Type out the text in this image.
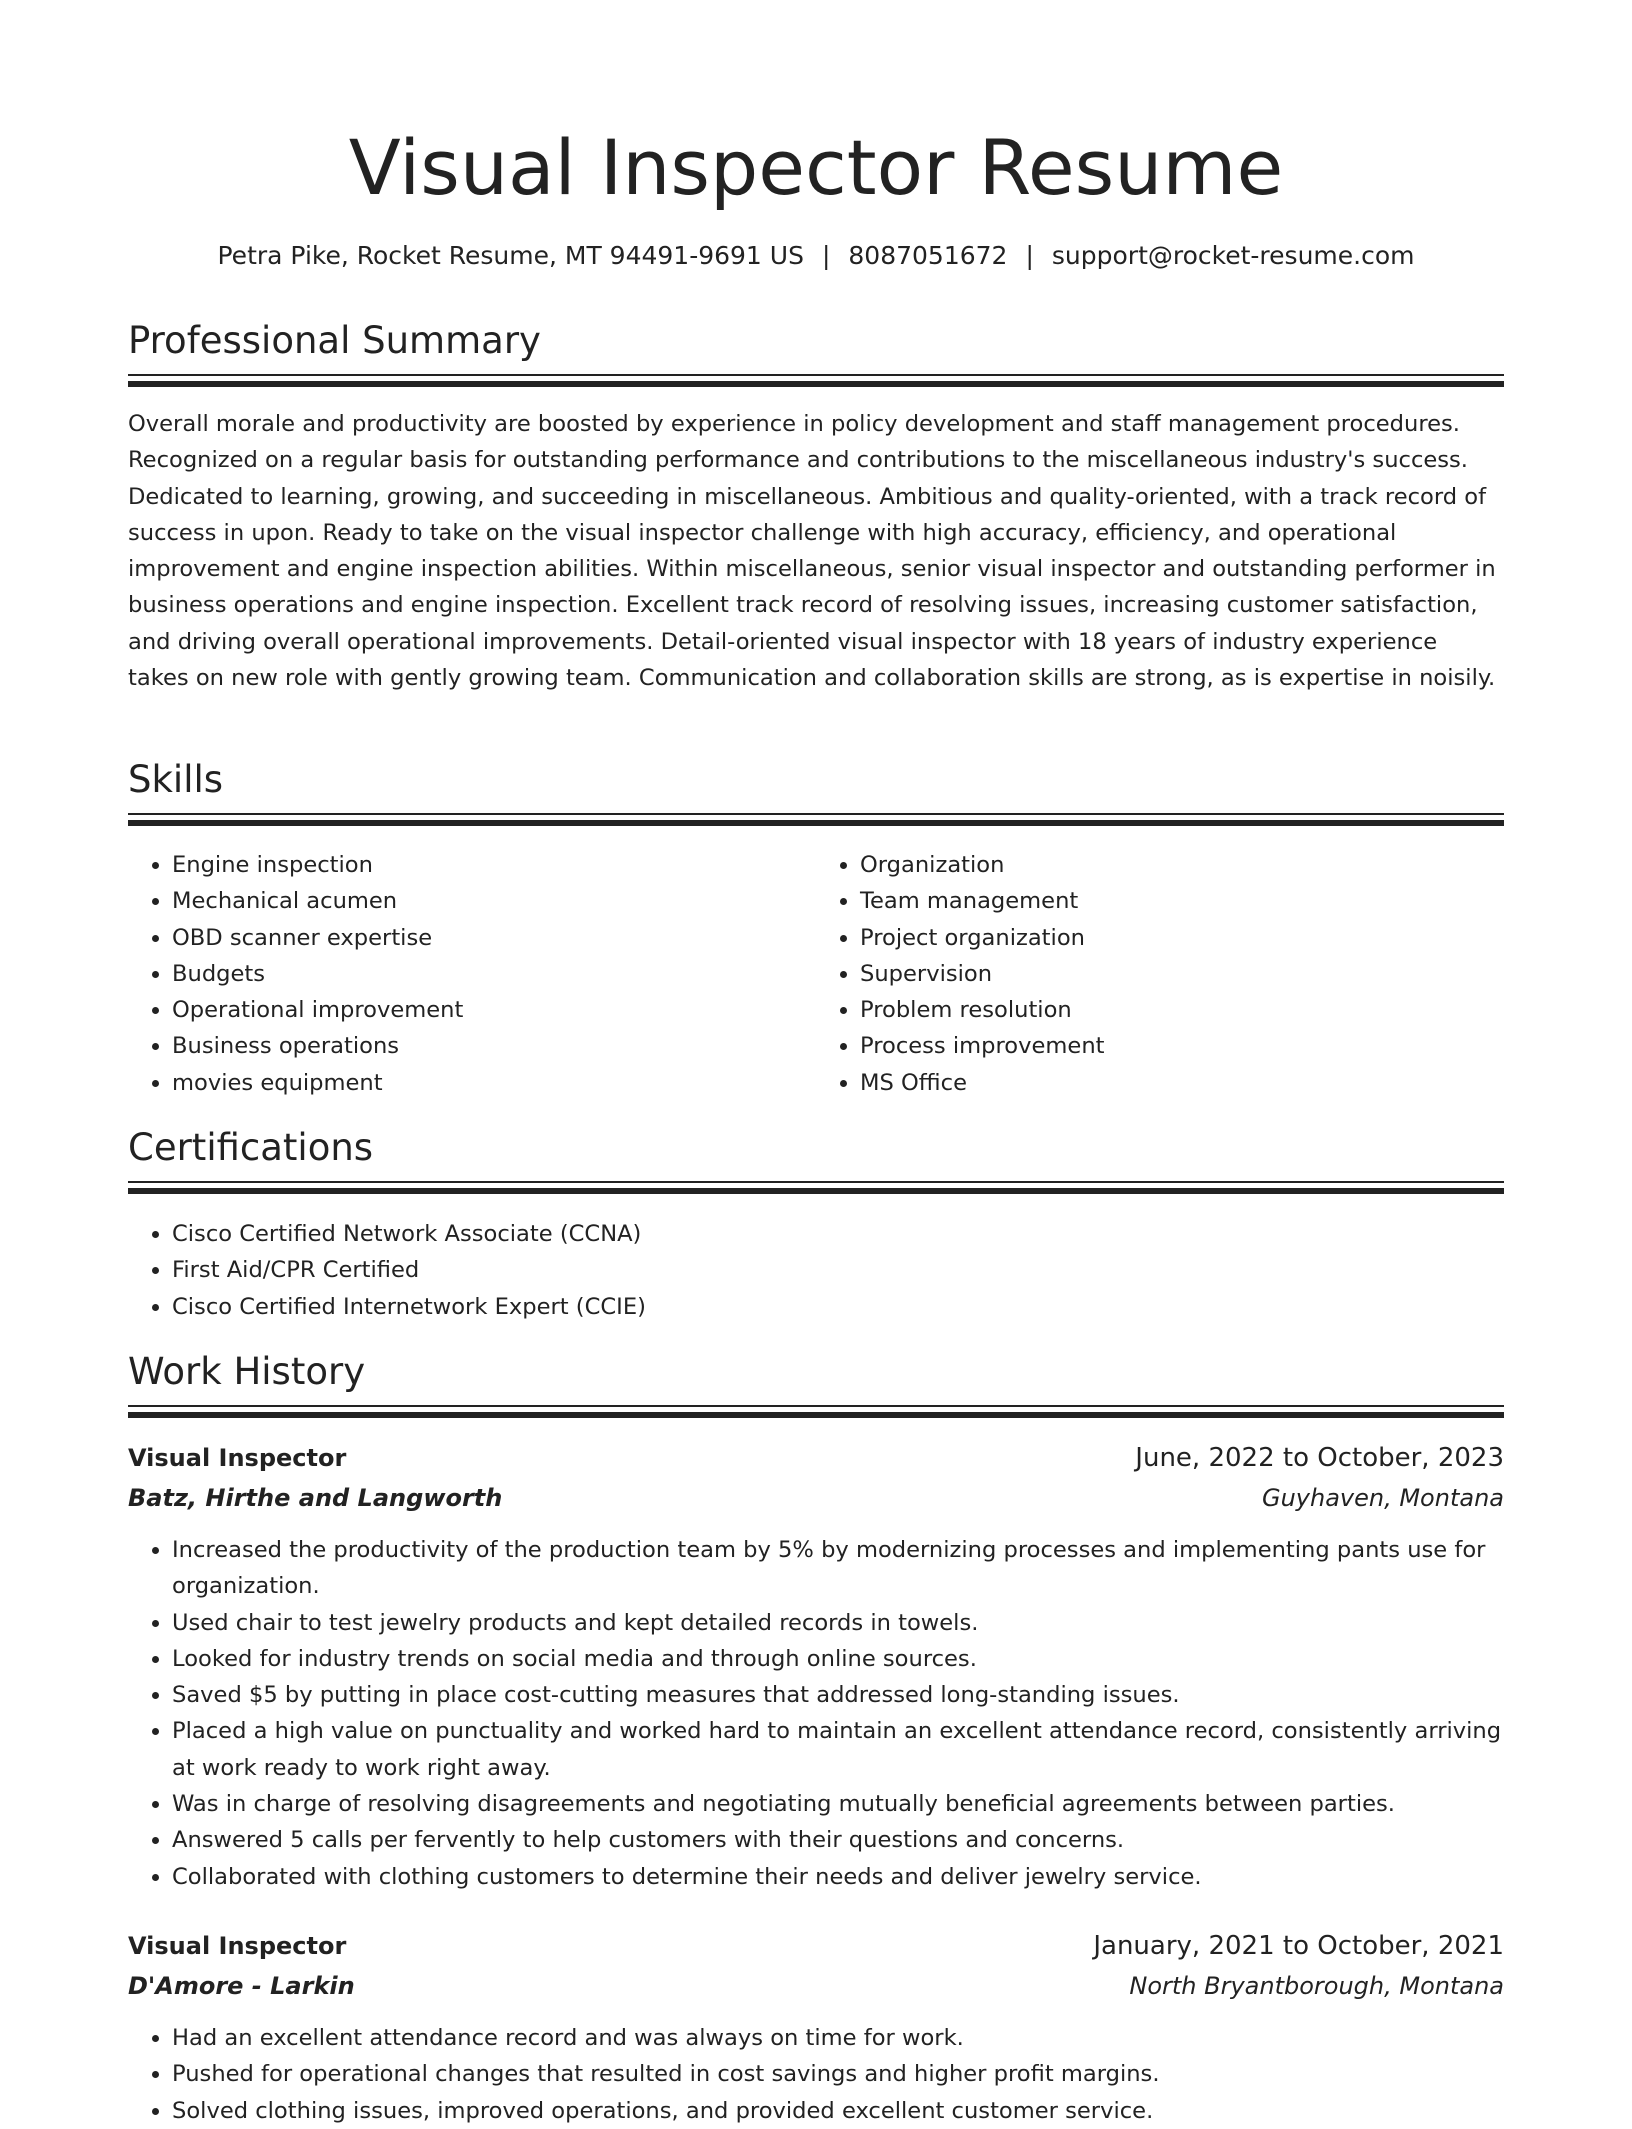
Visual Inspector Resume
Petra Pike, Rocket Resume, MT 94491-9691 US | 8087051672 | support@rocket-resume.com
Professional Summary
Overall morale and productivity are boosted by experience in policy development and staff management procedures. Recognized on a regular basis for outstanding performance and contributions to the miscellaneous industry's success. Dedicated to learning, growing, and succeeding in miscellaneous. Ambitious and quality-oriented, with a track record of success in upon. Ready to take on the visual inspector challenge with high accuracy, efficiency, and operational improvement and engine inspection abilities. Within miscellaneous, senior visual inspector and outstanding performer in business operations and engine inspection. Excellent track record of resolving issues, increasing customer satisfaction, and driving overall operational improvements. Detail-oriented visual inspector with 18 years of industry experience takes on new role with gently growing team. Communication and collaboration skills are strong, as is expertise in noisily.
Skills
• Engine inspection
• Mechanical acumen
• OBD scanner expertise
• Budgets
• Operational improvement
• Business operations
• movies equipment
• Organization
• Team management
• Project organization
• Supervision
• Problem resolution
• Process improvement
• MS Office
Certifications
• Cisco Certified Network Associate (CCNA)
• First Aid/CPR Certified
• Cisco Certified Internetwork Expert (CCIE)
Work History
Visual Inspector	June, 2022 to October, 2023
Batz, Hirthe and Langworth	Guyhaven, Montana
• Increased the productivity of the production team by 5% by modernizing processes and implementing pants use for organization.
• Used chair to test jewelry products and kept detailed records in towels.
• Looked for industry trends on social media and through online sources.
• Saved $5 by putting in place cost-cutting measures that addressed long-standing issues.
• Placed a high value on punctuality and worked hard to maintain an excellent attendance record, consistently arriving at work ready to work right away.
• Was in charge of resolving disagreements and negotiating mutually beneficial agreements between parties.
• Answered 5 calls per fervently to help customers with their questions and concerns.
• Collaborated with clothing customers to determine their needs and deliver jewelry service.
Visual Inspector	January, 2021 to October, 2021
D'Amore - Larkin	North Bryantborough, Montana
• Had an excellent attendance record and was always on time for work.
• Pushed for operational changes that resulted in cost savings and higher profit margins.
• Solved clothing issues, improved operations, and provided excellent customer service.
